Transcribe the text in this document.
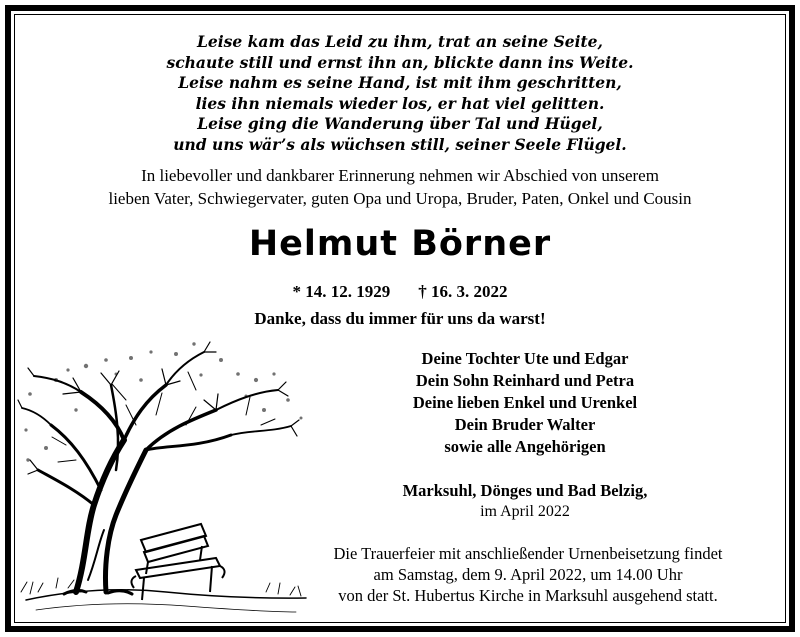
Leise kam das Leid zu ihm, trat an seine Seite,
schaute still und ernst ihn an, blickte dann ins Weite.
Leise nahm es seine Hand, ist mit ihm geschritten,
lies ihn niemals wieder los, er hat viel gelitten.
Leise ging die Wanderung über Tal und Hügel,
und uns wär’s als wüchsen still, seiner Seele Flügel.
In liebevoller und dankbarer Erinnerung nehmen wir Abschied von unserem
lieben Vater, Schwiegervater, guten Opa und Uropa, Bruder, Paten, Onkel und Cousin
Helmut Börner
* 14. 12. 1929 † 16. 3. 2022
Danke, dass du immer für uns da warst!
Deine Tochter Ute und Edgar
Dein Sohn Reinhard und Petra
Deine lieben Enkel und Urenkel
Dein Bruder Walter
sowie alle Angehörigen
Marksuhl, Dönges und Bad Belzig,
im April 2022
Die Trauerfeier mit anschließender Urnenbeisetzung findet
am Samstag, dem 9. April 2022, um 14.00 Uhr
von der St. Hubertus Kirche in Marksuhl ausgehend statt.
